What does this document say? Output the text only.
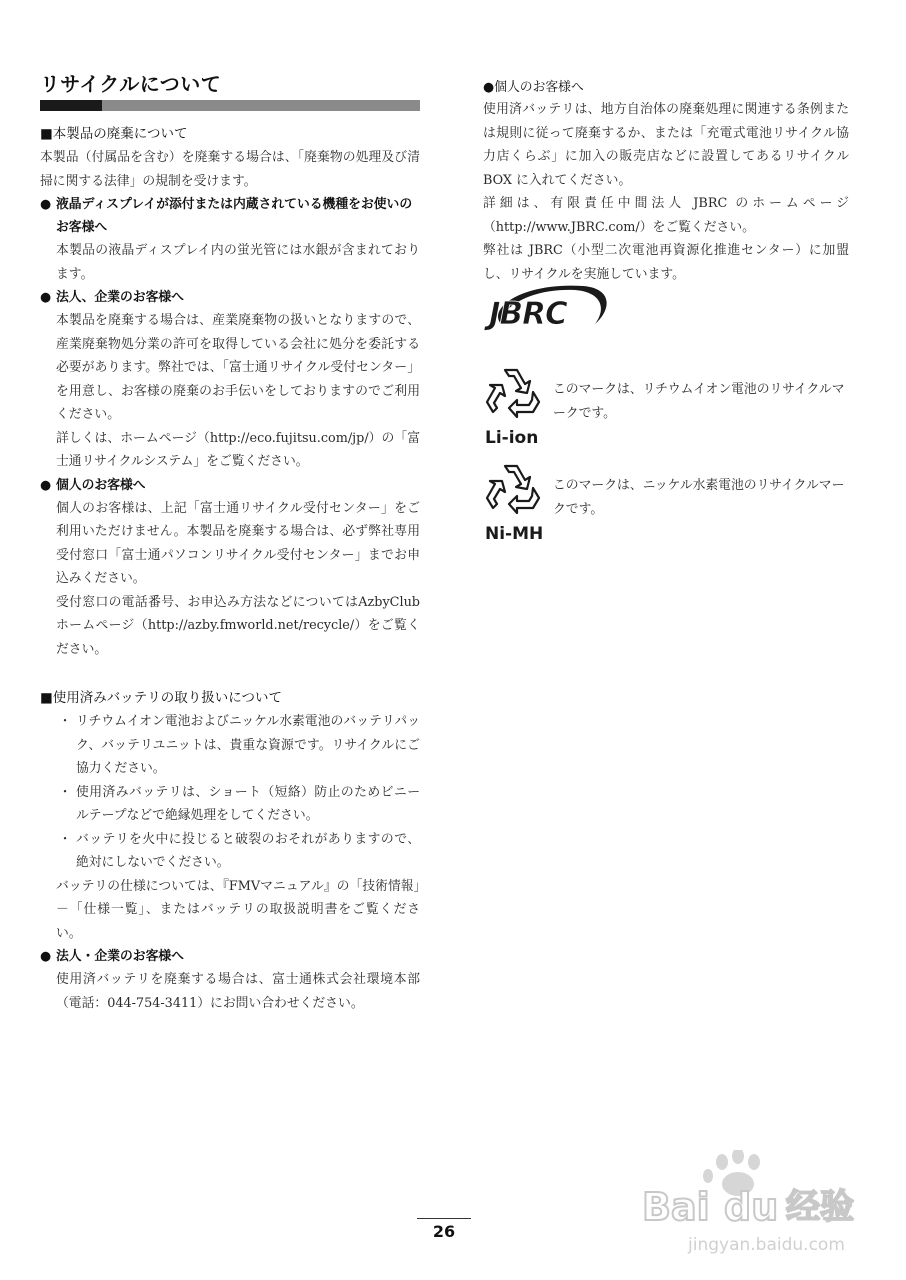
リサイクルについて

■本製品の廃棄について

本製品（付属品を含む）を廃棄する場合は、「廃棄物の処理及び清掃に関する法律」の規制を受けます。

● 液晶ディスプレイが添付または内蔵されている機種をお使いのお客様へ

本製品の液晶ディスプレイ内の蛍光管には水銀が含まれております。

● 法人、企業のお客様へ

本製品を廃棄する場合は、産業廃棄物の扱いとなりますので、産業廃棄物処分業の許可を取得している会社に処分を委託する必要があります。弊社では、「富士通リサイクル受付センター」を用意し、お客様の廃棄のお手伝いをしておりますのでご利用ください。

詳しくは、ホームページ（http://eco.fujitsu.com/jp/）の「富士通リサイクルシステム」をご覧ください。

● 個人のお客様へ

個人のお客様は、上記「富士通リサイクル受付センター」をご利用いただけません。本製品を廃棄する場合は、必ず弊社専用受付窓口「富士通パソコンリサイクル受付センター」までお申込みください。

受付窓口の電話番号、お申込み方法などについてはAzbyClubホームページ（http://azby.fmworld.net/recycle/）をご覧ください。

■使用済みバッテリの取り扱いについて

・ リチウムイオン電池およびニッケル水素電池のバッテリパック、バッテリユニットは、貴重な資源です。リサイクルにご協力ください。
・ 使用済みバッテリは、ショート（短絡）防止のためビニールテープなどで絶縁処理をしてください。
・ バッテリを火中に投じると破裂のおそれがありますので、絶対にしないでください。

バッテリの仕様については、『FMVマニュアル』の「技術情報」－「仕様一覧」、またはバッテリの取扱説明書をご覧ください。

● 法人・企業のお客様へ

使用済バッテリを廃棄する場合は、富士通株式会社環境本部（電話：044-754-3411）にお問い合わせください。

●個人のお客様へ

使用済バッテリは、地方自治体の廃棄処理に関連する条例または規則に従って廃棄するか、または「充電式電池リサイクル協力店くらぶ」に加入の販売店などに設置してあるリサイクル BOX に入れてください。

詳細は、有限責任中間法人 JBRC のホームページ（http://www.JBRC.com/）をご覧ください。

弊社は JBRC（小型二次電池再資源化推進センター）に加盟し、リサイクルを実施しています。

JBRC
Li-ion
このマークは、リチウムイオン電池のリサイクルマークです。
Ni-MH
このマークは、ニッケル水素電池のリサイクルマークです。
26
Bai du 经验
jingyan.baidu.com
